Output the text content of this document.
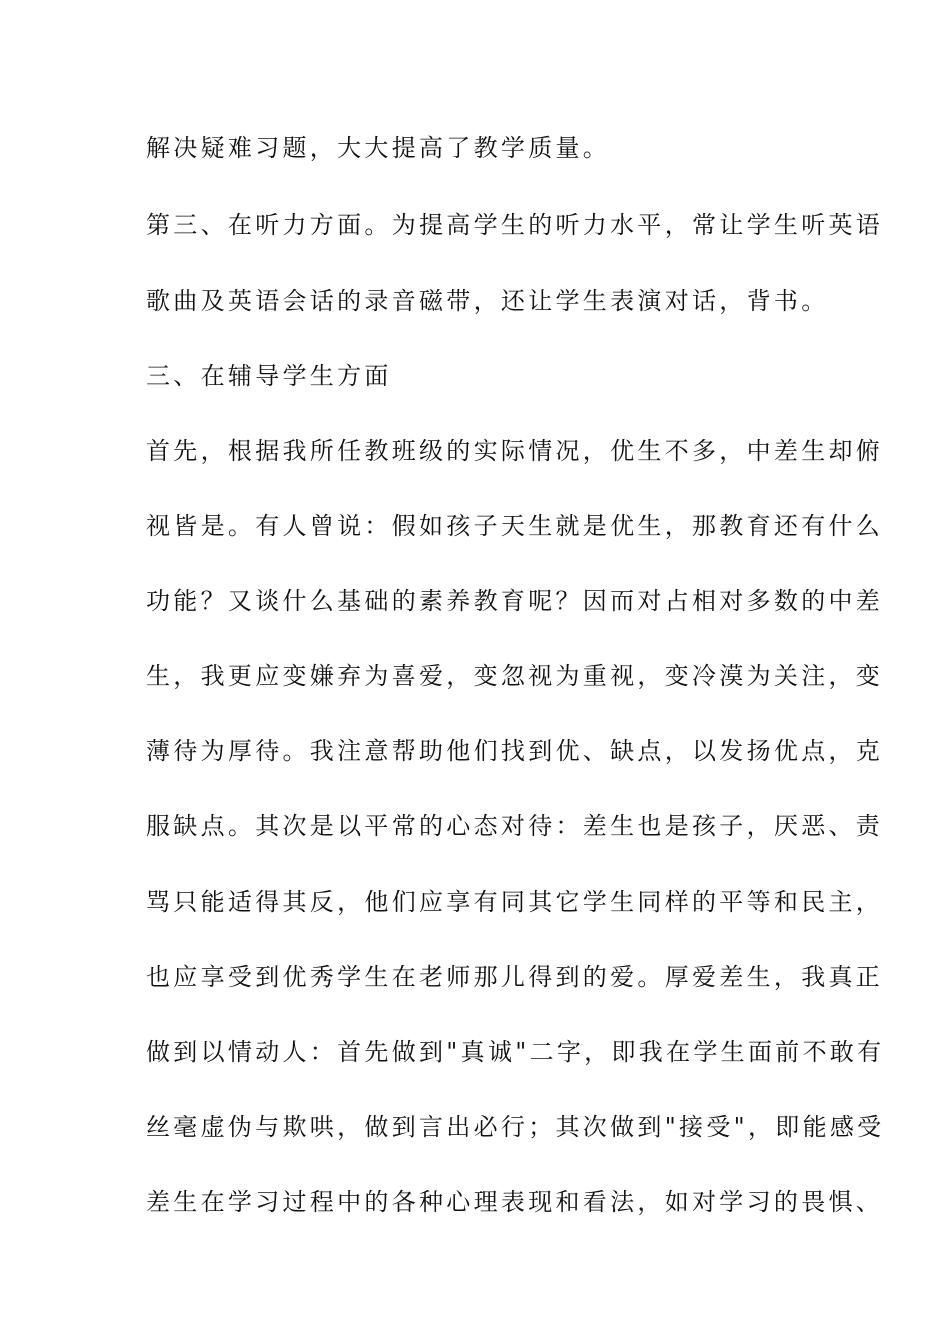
解决疑难习题，大大提高了教学质量。
第三、在听力方面。为提高学生的听力水平，常让学生听英语
歌曲及英语会话的录音磁带，还让学生表演对话，背书。
三、在辅导学生方面
首先，根据我所任教班级的实际情况，优生不多，中差生却俯
视皆是。有人曾说：假如孩子天生就是优生，那教育还有什么
功能？又谈什么基础的素养教育呢？因而对占相对多数的中差
生，我更应变嫌弃为喜爱，变忽视为重视，变冷漠为关注，变
薄待为厚待。我注意帮助他们找到优、缺点，以发扬优点，克
服缺点。其次是以平常的心态对待：差生也是孩子，厌恶、责
骂只能适得其反，他们应享有同其它学生同样的平等和民主，
也应享受到优秀学生在老师那儿得到的爱。厚爱差生，我真正
做到以情动人：首先做到"真诚"二字，即我在学生面前不敢有
丝毫虚伪与欺哄，做到言出必行；其次做到"接受"，即能感受
差生在学习过程中的各种心理表现和看法，如对学习的畏惧、
